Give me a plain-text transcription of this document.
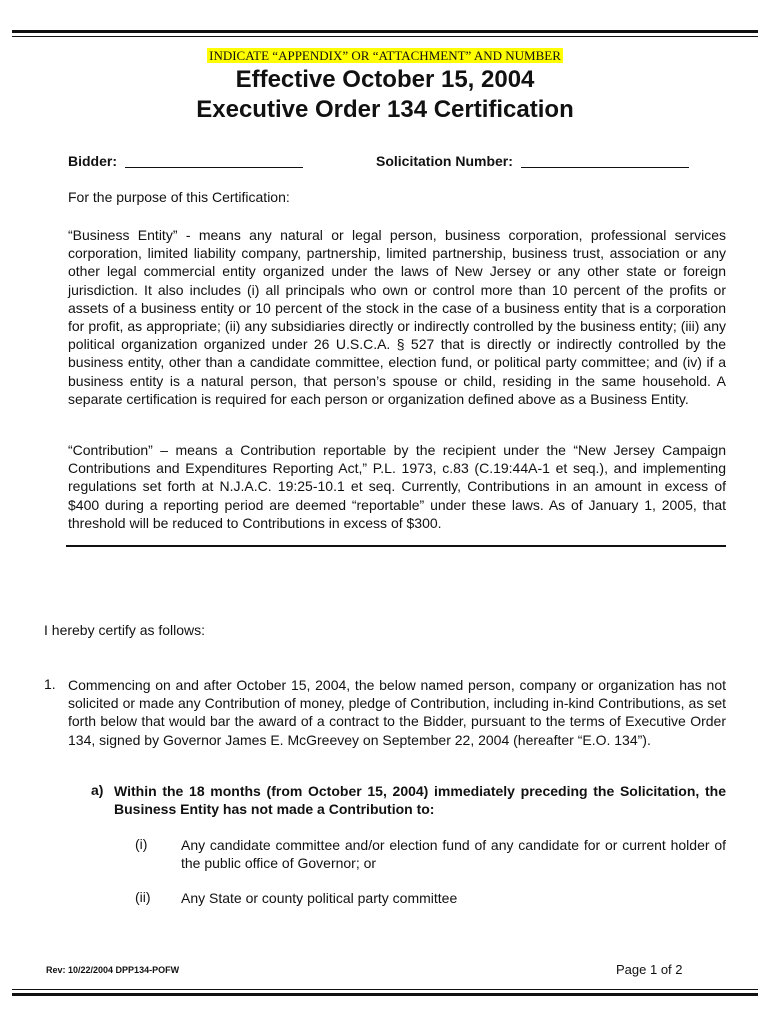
INDICATE “APPENDIX” OR “ATTACHMENT” AND NUMBER
Effective October 15, 2004
Executive Order 134 Certification
Bidder:	Solicitation Number:

For the purpose of this Certification:

“Business Entity” - means any natural or legal person, business corporation, professional services corporation, limited liability company, partnership, limited partnership, business trust, association or any other legal commercial entity organized under the laws of New Jersey or any other state or foreign jurisdiction. It also includes (i) all principals who own or control more than 10 percent of the profits or assets of a business entity or 10 percent of the stock in the case of a business entity that is a corporation for profit, as appropriate; (ii) any subsidiaries directly or indirectly controlled by the business entity; (iii) any political organization organized under 26 U.S.C.A. § 527 that is directly or indirectly controlled by the business entity, other than a candidate committee, election fund, or political party committee; and (iv) if a business entity is a natural person, that person’s spouse or child, residing in the same household. A separate certification is required for each person or organization defined above as a Business Entity.

“Contribution” – means a Contribution reportable by the recipient under the “New Jersey Campaign Contributions and Expenditures Reporting Act,” P.L. 1973, c.83 (C.19:44A-1 et seq.), and implementing regulations set forth at N.J.A.C. 19:25-10.1 et seq. Currently, Contributions in an amount in excess of $400 during a reporting period are deemed “reportable” under these laws. As of January 1, 2005, that threshold will be reduced to Contributions in excess of $300.

I hereby certify as follows:
1. Commencing on and after October 15, 2004, the below named person, company or organization has not solicited or made any Contribution of money, pledge of Contribution, including in-kind Contributions, as set forth below that would bar the award of a contract to the Bidder, pursuant to the terms of Executive Order 134, signed by Governor James E. McGreevey on September 22, 2004 (hereafter “E.O. 134”).

a) Within the 18 months (from October 15, 2004) immediately preceding the Solicitation, the Business Entity has not made a Contribution to:

(i) Any candidate committee and/or election fund of any candidate for or current holder of the public office of Governor; or

(ii) Any State or county political party committee

Rev: 10/22/2004 DPP134-POFW	Page 1 of 2
